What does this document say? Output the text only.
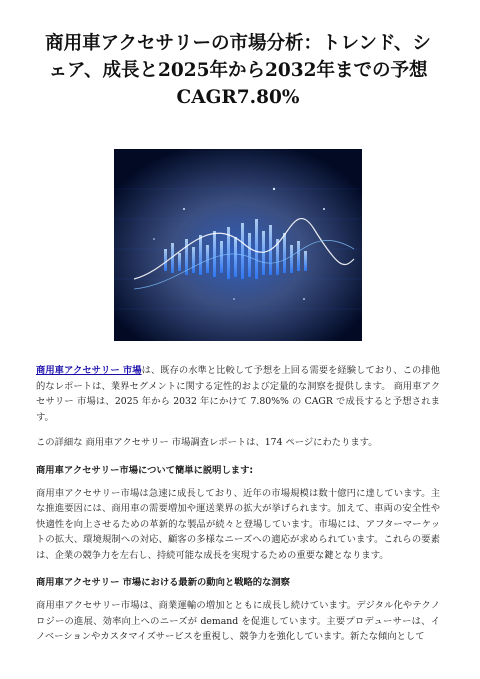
商用車アクセサリーの市場分析：トレンド、シ
ェア、成長と2025年から2032年までの予想
CAGR7.80%

商用車アクセサリー 市場は、既存の水準と比較して予想を上回る需要を経験しており、この排他的なレポートは、業界セグメントに関する定性的および定量的な洞察を提供します。 商用車アクセサリー 市場は、2025 年から 2032 年にかけて 7.80%% の CAGR で成長すると予想されます。

この詳細な 商用車アクセサリー 市場調査レポートは、174 ページにわたります。

商用車アクセサリー市場について簡単に説明します:

商用車アクセサリー市場は急速に成長しており、近年の市場規模は数十億円に達しています。主な推進要因には、商用車の需要増加や運送業界の拡大が挙げられます。加えて、車両の安全性や快適性を向上させるための革新的な製品が続々と登場しています。市場には、アフターマーケットの拡大、環境規制への対応、顧客の多様なニーズへの適応が求められています。これらの要素は、企業の競争力を左右し、持続可能な成長を実現するための重要な鍵となります。

商用車アクセサリー 市場における最新の動向と戦略的な洞察

商用車アクセサリー市場は、商業運輸の増加とともに成長し続けています。デジタル化やテクノロジーの進展、効率向上へのニーズが demand を促進しています。主要プロデューサーは、イノベーションやカスタマイズサービスを重視し、競争力を強化しています。新たな傾向として
